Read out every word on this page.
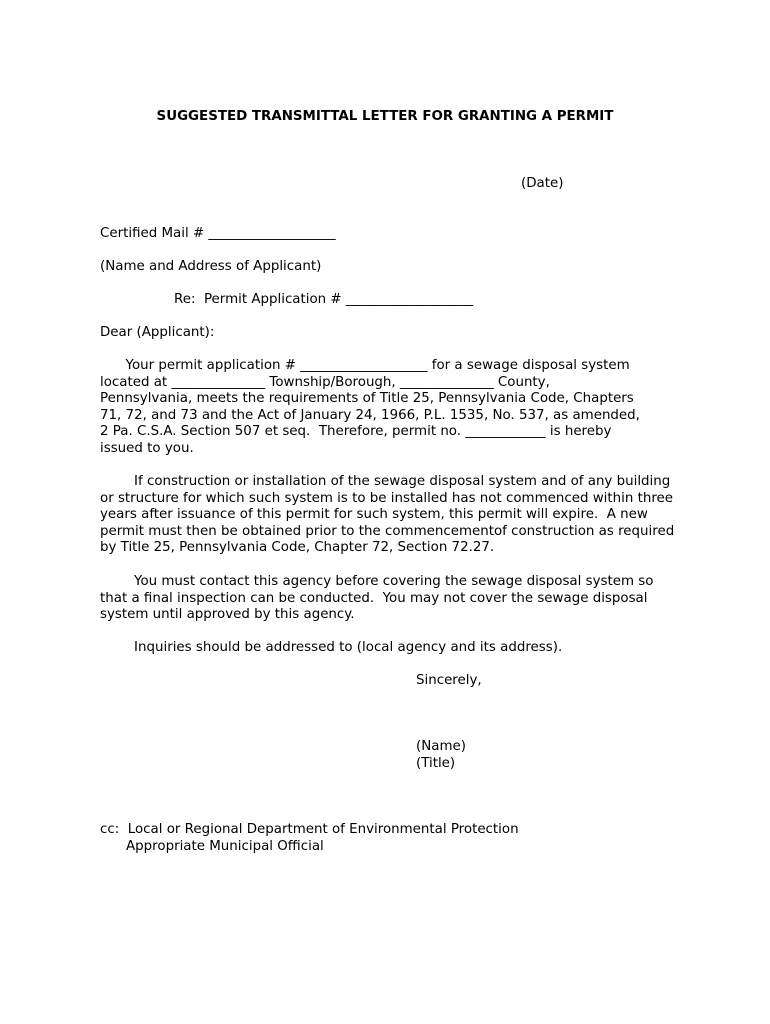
SUGGESTED TRANSMITTAL LETTER FOR GRANTING A PERMIT

(Date)

Certified Mail # ___________________

(Name and Address of Applicant)

Re:  Permit Application # ___________________

Dear (Applicant):

Your permit application # ___________________ for a sewage disposal system
located at ______________ Township/Borough, ______________ County,
Pennsylvania, meets the requirements of Title 25, Pennsylvania Code, Chapters
71, 72, and 73 and the Act of January 24, 1966, P.L. 1535, No. 537, as amended,
2 Pa. C.S.A. Section 507 et seq.  Therefore, permit no. ____________ is hereby
issued to you.
If construction or installation of the sewage disposal system and of any building
or structure for which such system is to be installed has not commenced within three
years after issuance of this permit for such system, this permit will expire.  A new
permit must then be obtained prior to the commencementof construction as required
by Title 25, Pennsylvania Code, Chapter 72, Section 72.27.
You must contact this agency before covering the sewage disposal system so
that a final inspection can be conducted.  You may not cover the sewage disposal
system until approved by this agency.
Inquiries should be addressed to (local agency and its address).

Sincerely,

(Name)

(Title)

cc:  Local or Regional Department of Environmental Protection

Appropriate Municipal Official
